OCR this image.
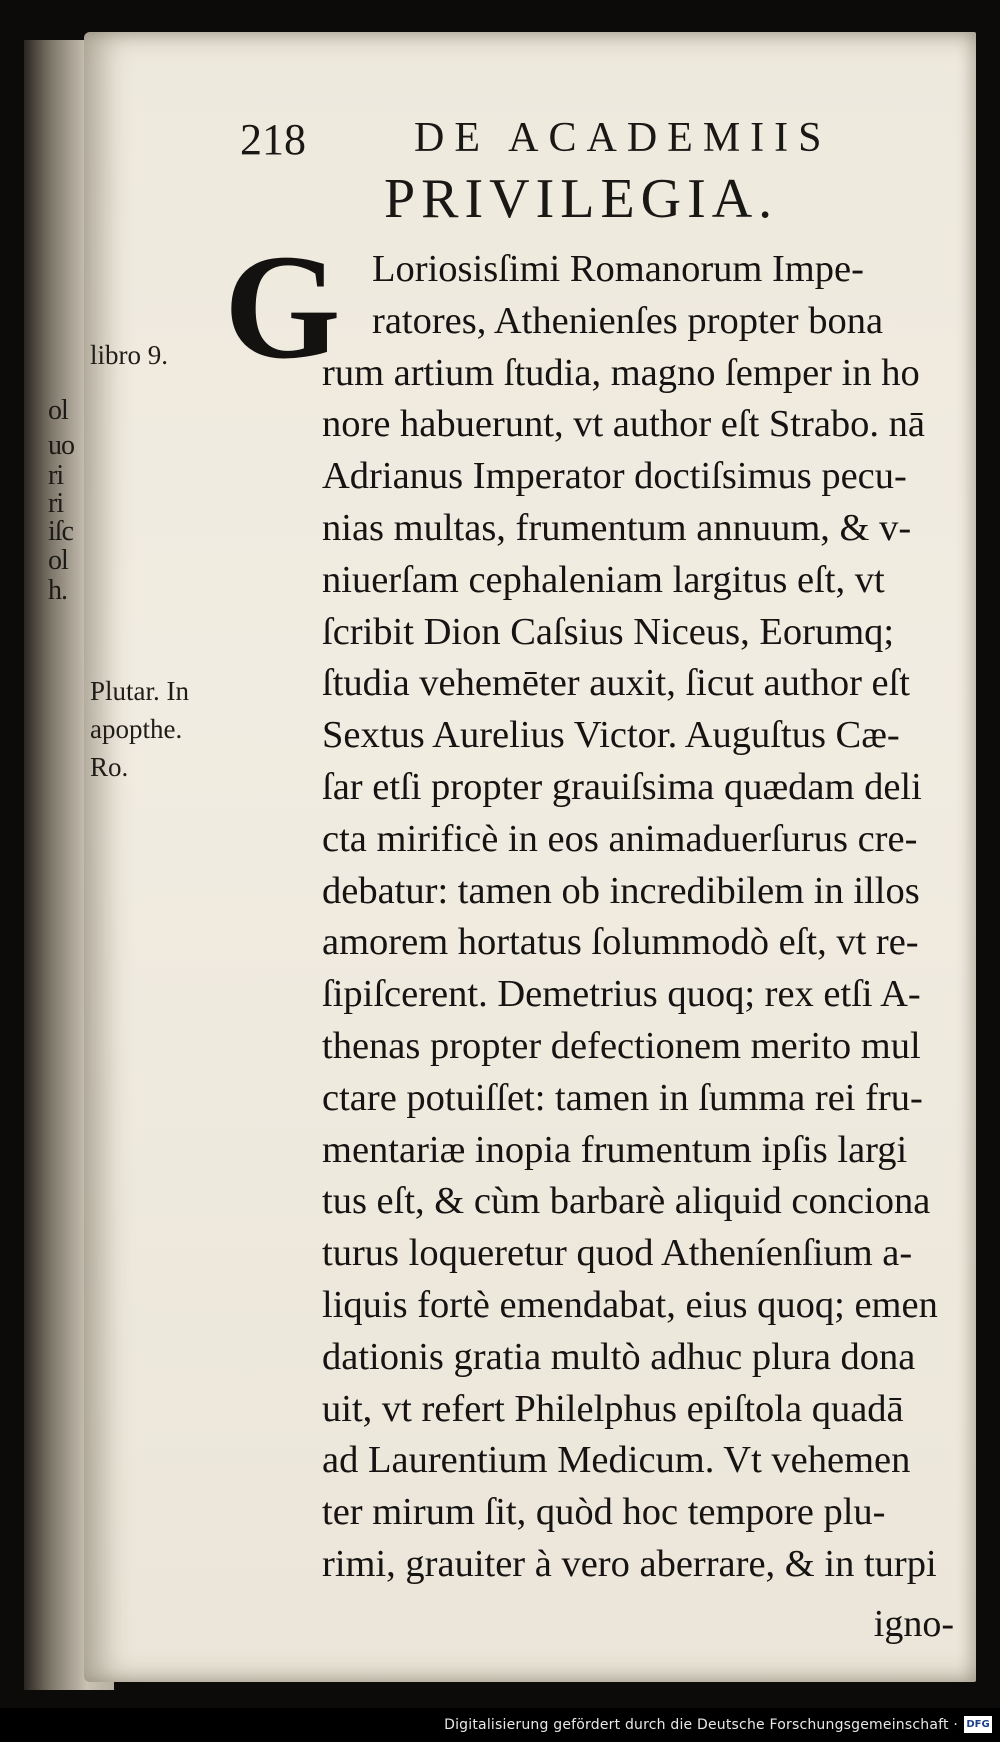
ol
uo
ri
ri
iſc
ol
h.
218	DE ACADEMIIS
PRIVILEGIA.
G
libro 9.
Plutar. In
apopthe.
Ro.
Loriosisſimi Romanorum Impe-
ratores, Athenienſes propter bona
rum artium ſtudia, magno ſemper in ho
nore habuerunt, vt author eſt Strabo. nā
Adrianus Imperator doctiſsimus pecu-
nias multas, frumentum annuum, & v-
niuerſam cephaleniam largitus eſt, vt
ſcribit Dion Caſsius Niceus, Eorumq;
ſtudia vehemēter auxit, ſicut author eſt
Sextus Aurelius Victor. Auguſtus Cæ-
ſar etſi propter grauiſsima quædam deli
cta mirificè in eos animaduerſurus cre-
debatur: tamen ob incredibilem in illos
amorem hortatus ſolummodò eſt, vt re-
ſipiſcerent. Demetrius quoq; rex etſi A-
thenas propter defectionem merito mul
ctare potuiſſet: tamen in ſumma rei fru-
mentariæ inopia frumentum ipſis largi
tus eſt, & cùm barbarè aliquid conciona
turus loqueretur quod Atheníenſium a-
liquis fortè emendabat, eius quoq; emen
dationis gratia multò adhuc plura dona
uit, vt refert Philelphus epiſtola quadā
ad Laurentium Medicum. Vt vehemen
ter mirum ſit, quòd hoc tempore plu-
rimi, grauiter à vero aberrare, & in turpi
igno-
Digitalisierung gefördert durch die Deutsche Forschungsgemeinschaft · DFG
